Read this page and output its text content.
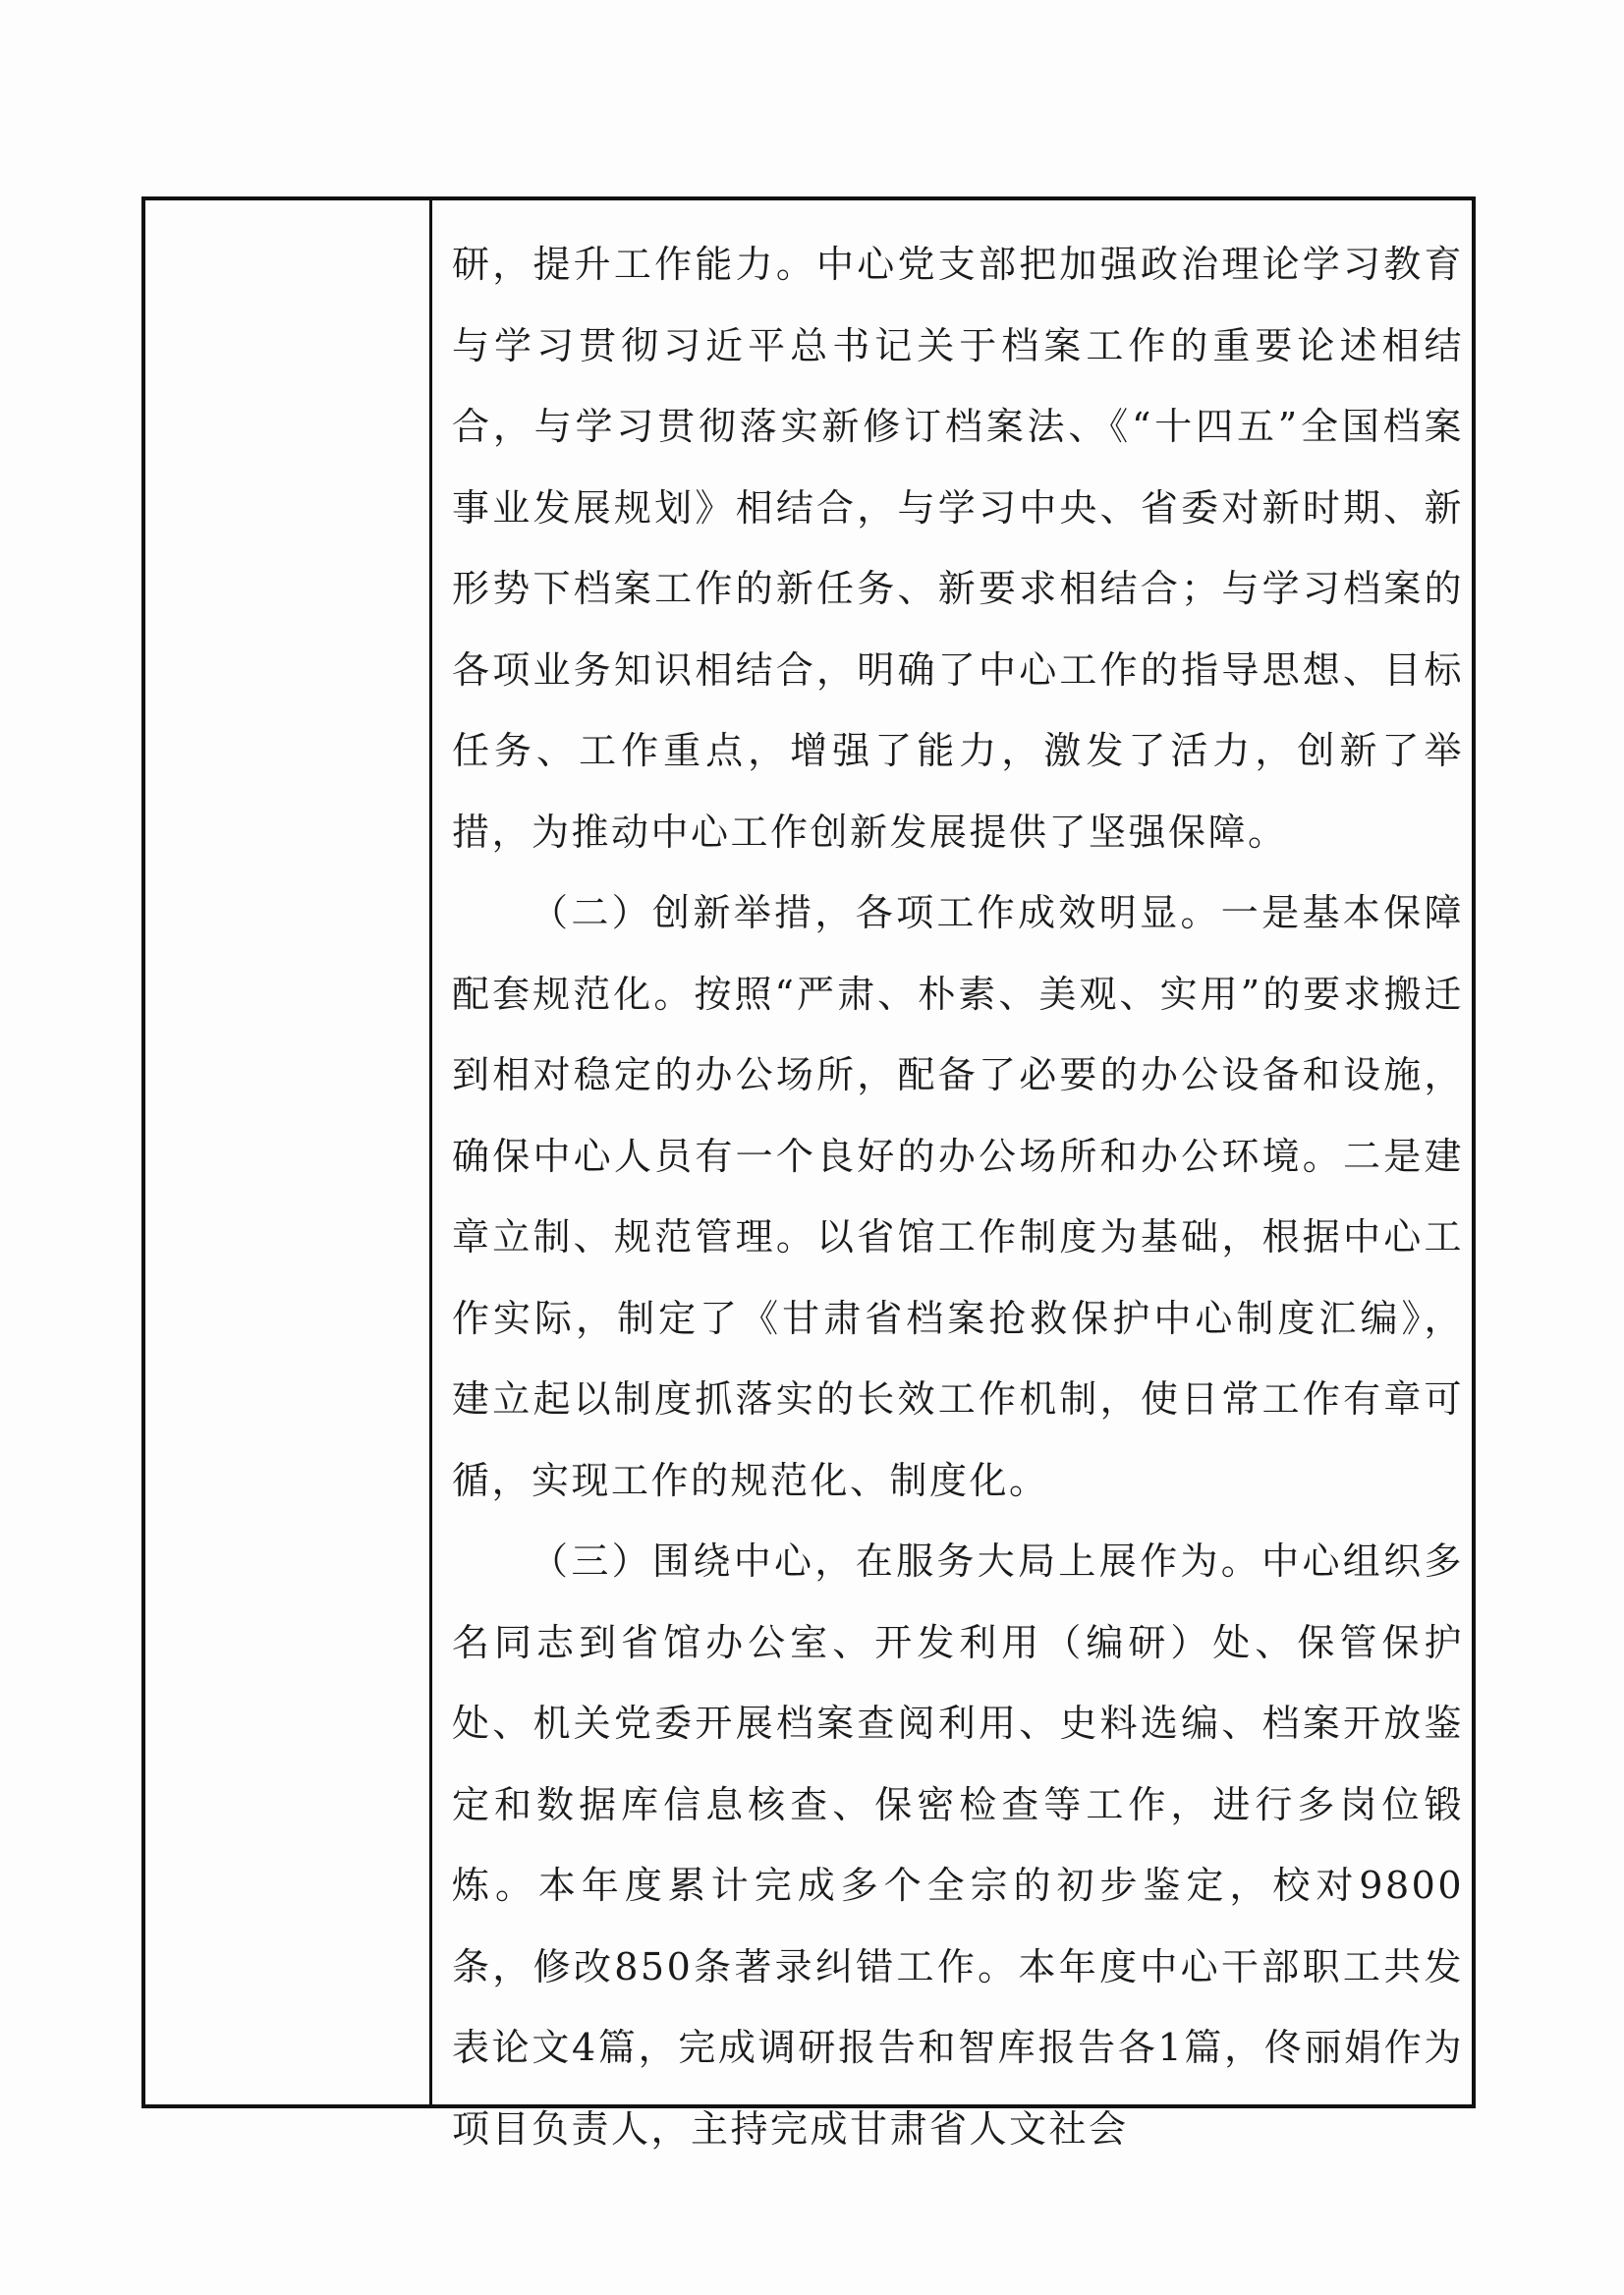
研，提升工作能力。中心党支部把加强政治理论学习教育与学习贯彻习近平总书记关于档案工作的重要论述相结合，与学习贯彻落实新修订档案法、《“十四五”全国档案事业发展规划》相结合，与学习中央、省委对新时期、新形势下档案工作的新任务、新要求相结合；与学习档案的各项业务知识相结合，明确了中心工作的指导思想、目标任务、工作重点，增强了能力，激发了活力，创新了举措，为推动中心工作创新发展提供了坚强保障。

（二）创新举措，各项工作成效明显。一是基本保障配套规范化。按照“严肃、朴素、美观、实用”的要求搬迁到相对稳定的办公场所，配备了必要的办公设备和设施，确保中心人员有一个良好的办公场所和办公环境。二是建章立制、规范管理。以省馆工作制度为基础，根据中心工作实际，制定了《甘肃省档案抢救保护中心制度汇编》，建立起以制度抓落实的长效工作机制，使日常工作有章可循，实现工作的规范化、制度化。

（三）围绕中心，在服务大局上展作为。中心组织多名同志到省馆办公室、开发利用（编研）处、保管保护处、机关党委开展档案查阅利用、史料选编、档案开放鉴定和数据库信息核查、保密检查等工作，进行多岗位锻炼。本年度累计完成多个全宗的初步鉴定，校对9800条，修改850条著录纠错工作。本年度中心干部职工共发表论文4篇，完成调研报告和智库报告各1篇，佟丽娟作为项目负责人，主持完成甘肃省人文社会
